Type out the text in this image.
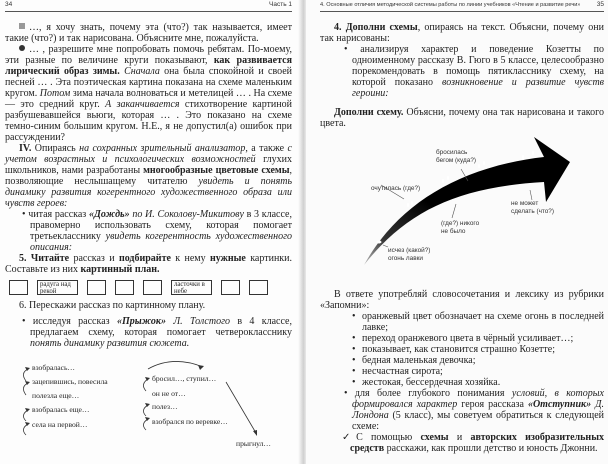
34	Часть 1
…, я хочу знать, почему эта (что?) так называется, имеет такие (что?) и так нарисована. Объясните мне, пожалуйста.
… , разрешите мне попробовать помочь ребятам. По-моему, эти разные по величине круги показывают, как развивается лирический образ зимы. Сначала она была спокойной и своей песней … . Эта поэтическая картина показана на схеме маленьким кругом. Потом зима начала волноваться и метелицей … . На схеме — это средний круг. А заканчивается стихотворение картиной разбушевавшейся вьюги, которая … . Это показано на схеме темно-синим большим кругом. Н.Е., я не допустил(а) ошибок при рассуждении?
IV. Опираясь на сохранных зрительный анализатор, а также с учетом возрастных и психологических возможностей глухих школьников, нами разработаны многообразные цветовые схемы, позволяющие неслышащему читателю увидеть и понять динамику развития когерентного художественного образа или чувств героев:
• читая рассказ «Дождь» по И. Соколову-Микитову в 3 классе, правомерно использовать схему, которая помогает третьекласснику увидеть когерентность художественного описания:
5. Читайте рассказ и подбирайте к нему нужные картинки. Составьте из них картинный план.
радуга над рекой
ласточки в небе
6. Перескажи рассказ по картинному плану.
• исследуя рассказ «Прыжок» Л. Толстого в 4 классе, предлагаем схему, которая помогает четверокласснику понять динамику развития сюжета.
взобралась…
зацепившись, повесила
полезла еще…
взобралась еще…
села на первой…
бросил…, ступил…
он не от…
полез…
взобрался по веревке…
прыгнул…
4. Основные отличия методической системы работы по линии учебников «Чтение и развитие речи»	35
4. Дополни схемы, опираясь на текст. Объясни, почему они так нарисованы:
• анализируя характер и поведение Козетты по одноименному рассказу В. Гюго в 5 классе, целесообразно порекомендовать в помощь пятикласснику схему, на которой показано возникновение и развитие чувств героини:
Дополни схему. Объясни, почему она так нарисована и такого цвета.
бросилась
бегом (куда?)
очутилась (где?)
(где?) никого
не было
не может
сделать (что?)
исчез (какой?)
огонь лавки
В ответе употребляй словосочетания и лексику из рубрики «Запомни»:
• оранжевый цвет обозначает на схеме огонь в последней лавке;
• переход оранжевого цвета в чёрный усиливает…;
• показывает, как становится страшно Козетте;
• бедная маленькая девочка;
• несчастная сирота;
• жестокая, бессердечная хозяйка.
• для более глубокого понимания условий, в которых формировался характер героя рассказа «Отступник» Д. Лондона (5 класс), мы советуем обратиться к следующей схеме:
✓С помощью схемы и авторских изобразительных средств расскажи, как прошли детство и юность Джонни.
